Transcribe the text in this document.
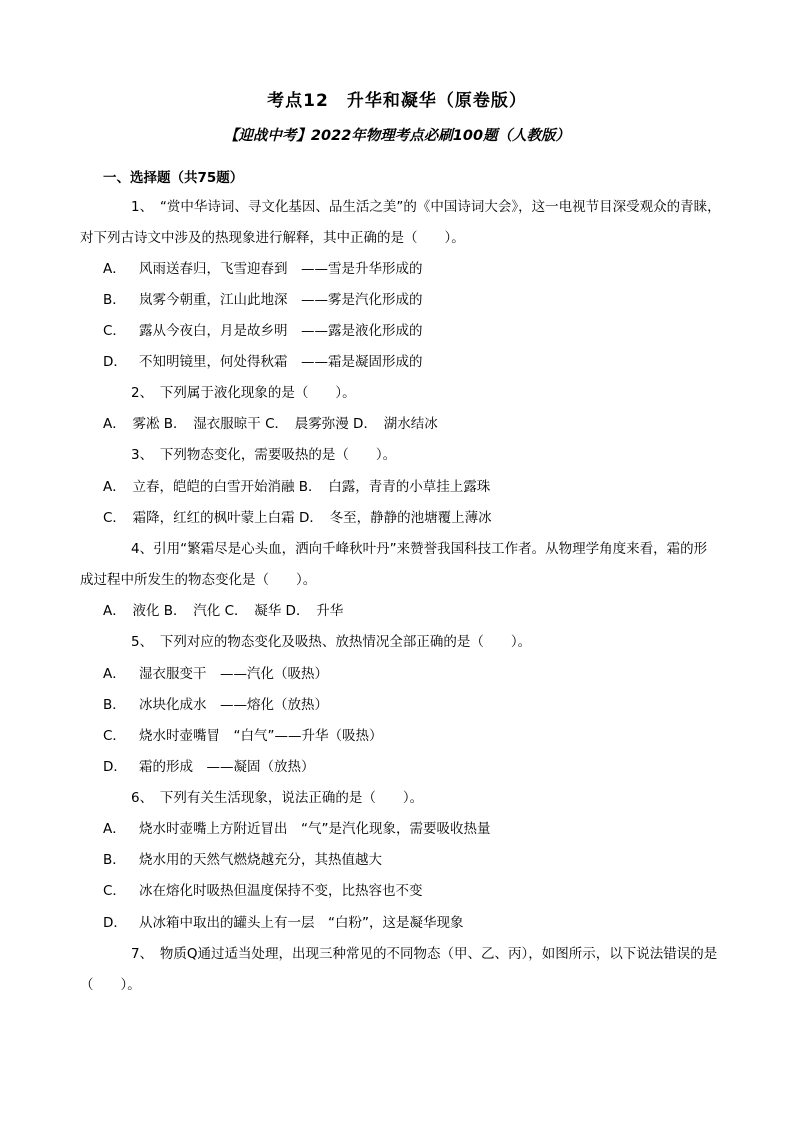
考点12　升华和凝华（原卷版）
【迎战中考】2022年物理考点必刷100题（人教版）
一、选择题（共75题）
1、　“赏中华诗词、寻文化基因、品生活之美”的《中国诗词大会》，这一电视节目深受观众的青睐，
对下列古诗文中涉及的热现象进行解释，其中正确的是（　　）。
A． 风雨送春归，飞雪迎春到　——雪是升华形成的
B． 岚雾今朝重，江山此地深　——雾是汽化形成的
C． 露从今夜白，月是故乡明　——露是液化形成的
D． 不知明镜里，何处得秋霜　——霜是凝固形成的
2、　下列属于液化现象的是（　　）。
A．　雾凇 B．　湿衣服晾干 C．　晨雾弥漫 D．　湖水结冰
3、　下列物态变化，需要吸热的是（　　）。
A．　立春，皑皑的白雪开始消融 B．　白露，青青的小草挂上露珠
C．　霜降，红红的枫叶蒙上白霜 D．　冬至，静静的池塘覆上薄冰
4、引用“繁霜尽是心头血，洒向千峰秋叶丹”来赞誉我国科技工作者。从物理学角度来看，霜的形
成过程中所发生的物态变化是（　　）。
A．　液化 B．　汽化 C．　凝华 D．　升华
5、　下列对应的物态变化及吸热、放热情况全部正确的是（　　）。
A． 湿衣服变干　——汽化（吸热）
B． 冰块化成水　——熔化（放热）
C． 烧水时壶嘴冒　“白气”——升华（吸热）
D． 霜的形成　——凝固（放热）
6、　下列有关生活现象，说法正确的是（　　）。
A． 烧水时壶嘴上方附近冒出　“气”是汽化现象，需要吸收热量
B． 烧水用的天然气燃烧越充分，其热值越大
C． 冰在熔化时吸热但温度保持不变，比热容也不变
D． 从冰箱中取出的罐头上有一层　“白粉”，这是凝华现象
7、　物质Q通过适当处理，出现三种常见的不同物态（甲、乙、丙），如图所示，以下说法错误的是
（　　）。
